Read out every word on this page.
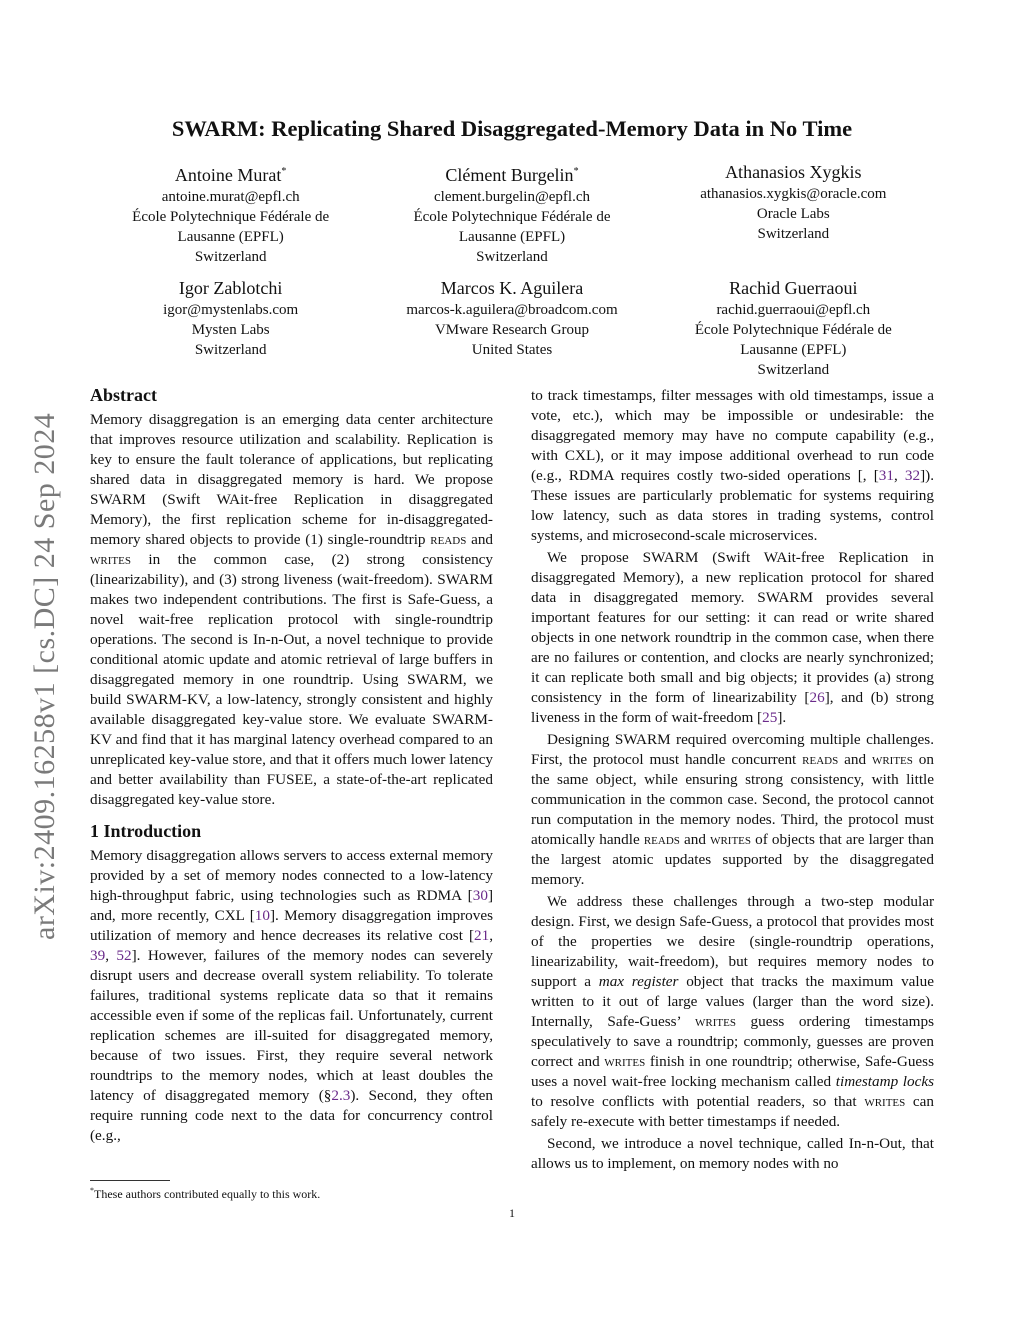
arXiv:2409.16258v1 [cs.DC] 24 Sep 2024
SWARM: Replicating Shared Disaggregated-Memory Data in No Time
Antoine Murat*
antoine.murat@epfl.ch
École Polytechnique Fédérale de
Lausanne (EPFL)
Switzerland
Clément Burgelin*
clement.burgelin@epfl.ch
École Polytechnique Fédérale de
Lausanne (EPFL)
Switzerland
Athanasios Xygkis
athanasios.xygkis@oracle.com
Oracle Labs
Switzerland
Igor Zablotchi
igor@mystenlabs.com
Mysten Labs
Switzerland
Marcos K. Aguilera
marcos-k.aguilera@broadcom.com
VMware Research Group
United States
Rachid Guerraoui
rachid.guerraoui@epfl.ch
École Polytechnique Fédérale de
Lausanne (EPFL)
Switzerland
Abstract

Memory disaggregation is an emerging data center architecture that improves resource utilization and scalability. Replication is key to ensure the fault tolerance of applications, but replicating shared data in disaggregated memory is hard. We propose SWARM (Swift WAit-free Replication in disaggregated Memory), the first replication scheme for in-disaggregated-memory shared objects to provide (1) single-roundtrip reads and writes in the common case, (2) strong consistency (linearizability), and (3) strong liveness (wait-freedom). SWARM makes two independent contributions. The first is Safe-Guess, a novel wait-free replication protocol with single-roundtrip operations. The second is In-n-Out, a novel technique to provide conditional atomic update and atomic retrieval of large buffers in disaggregated memory in one roundtrip. Using SWARM, we build SWARM-KV, a low-latency, strongly consistent and highly available disaggregated key-value store. We evaluate SWARM-KV and find that it has marginal latency overhead compared to an unreplicated key-value store, and that it offers much lower latency and better availability than FUSEE, a state-of-the-art replicated disaggregated key-value store.

1 Introduction

Memory disaggregation allows servers to access external memory provided by a set of memory nodes connected to a low-latency high-throughput fabric, using technologies such as RDMA [30] and, more recently, CXL [10]. Memory disaggregation improves utilization of memory and hence decreases its relative cost [21, 39, 52]. However, failures of the memory nodes can severely disrupt users and decrease overall system reliability. To tolerate failures, traditional systems replicate data so that it remains accessible even if some of the replicas fail. Unfortunately, current replication schemes are ill-suited for disaggregated memory, because of two issues. First, they require several network roundtrips to the memory nodes, which at least doubles the latency of disaggregated memory (§2.3). Second, they often require running code next to the data for concurrency control (e.g.,

to track timestamps, filter messages with old timestamps, issue a vote, etc.), which may be impossible or undesirable: the disaggregated memory may have no compute capability (e.g., with CXL), or it may impose additional overhead to run code (e.g., RDMA requires costly two-sided operations [, [31, 32]). These issues are particularly problematic for systems requiring low latency, such as data stores in trading systems, control systems, and microsecond-scale microservices.

We propose SWARM (Swift WAit-free Replication in disaggregated Memory), a new replication protocol for shared data in disaggregated memory. SWARM provides several important features for our setting: it can read or write shared objects in one network roundtrip in the common case, when there are no failures or contention, and clocks are nearly synchronized; it can replicate both small and big objects; it provides (a) strong consistency in the form of linearizability [26], and (b) strong liveness in the form of wait-freedom [25].

Designing SWARM required overcoming multiple challenges. First, the protocol must handle concurrent reads and writes on the same object, while ensuring strong consistency, with little communication in the common case. Second, the protocol cannot run computation in the memory nodes. Third, the protocol must atomically handle reads and writes of objects that are larger than the largest atomic updates supported by the disaggregated memory.

We address these challenges through a two-step modular design. First, we design Safe-Guess, a protocol that provides most of the properties we desire (single-roundtrip operations, linearizability, wait-freedom), but requires memory nodes to support a max register object that tracks the maximum value written to it out of large values (larger than the word size). Internally, Safe-Guess’ writes guess ordering timestamps speculatively to save a roundtrip; commonly, guesses are proven correct and writes finish in one roundtrip; otherwise, Safe-Guess uses a novel wait-free locking mechanism called timestamp locks to resolve conflicts with potential readers, so that writes can safely re-execute with better timestamps if needed.

Second, we introduce a novel technique, called In-n-Out, that allows us to implement, on memory nodes with no

*These authors contributed equally to this work.
1
